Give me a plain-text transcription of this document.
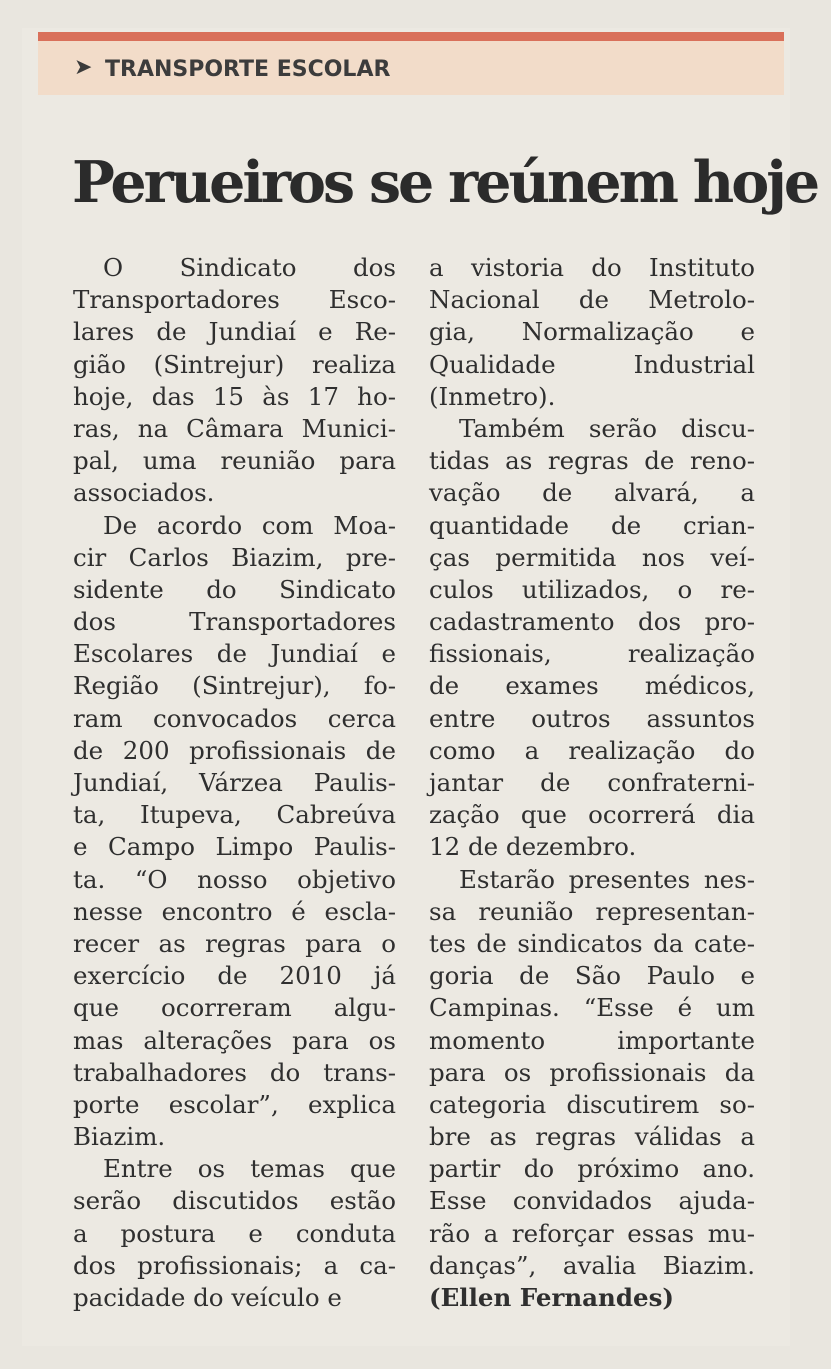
➤ TRANSPORTE ESCOLAR
Perueiros se reúnem hoje
O Sindicato dos
Transportadores Esco-
lares de Jundiaí e Re-
gião (Sintrejur) realiza
hoje, das 15 às 17 ho-
ras, na Câmara Munici-
pal, uma reunião para
associados.
De acordo com Moa-
cir Carlos Biazim, pre-
sidente do Sindicato
dos Transportadores
Escolares de Jundiaí e
Região (Sintrejur), fo-
ram convocados cerca
de 200 profissionais de
Jundiaí, Várzea Paulis-
ta, Itupeva, Cabreúva
e Campo Limpo Paulis-
ta. “O nosso objetivo
nesse encontro é escla-
recer as regras para o
exercício de 2010 já
que ocorreram algu-
mas alterações para os
trabalhadores do trans-
porte escolar”, explica
Biazim.
Entre os temas que
serão discutidos estão
a postura e conduta
dos profissionais; a ca-
pacidade do veículo e
a vistoria do Instituto
Nacional de Metrolo-
gia, Normalização e
Qualidade Industrial
(Inmetro).
Também serão discu-
tidas as regras de reno-
vação de alvará, a
quantidade de crian-
ças permitida nos veí-
culos utilizados, o re-
cadastramento dos pro-
fissionais, realização
de exames médicos,
entre outros assuntos
como a realização do
jantar de confraterni-
zação que ocorrerá dia
12 de dezembro.
Estarão presentes nes-
sa reunião representan-
tes de sindicatos da cate-
goria de São Paulo e
Campinas. “Esse é um
momento importante
para os profissionais da
categoria discutirem so-
bre as regras válidas a
partir do próximo ano.
Esse convidados ajuda-
rão a reforçar essas mu-
danças”, avalia Biazim.
(Ellen Fernandes)
